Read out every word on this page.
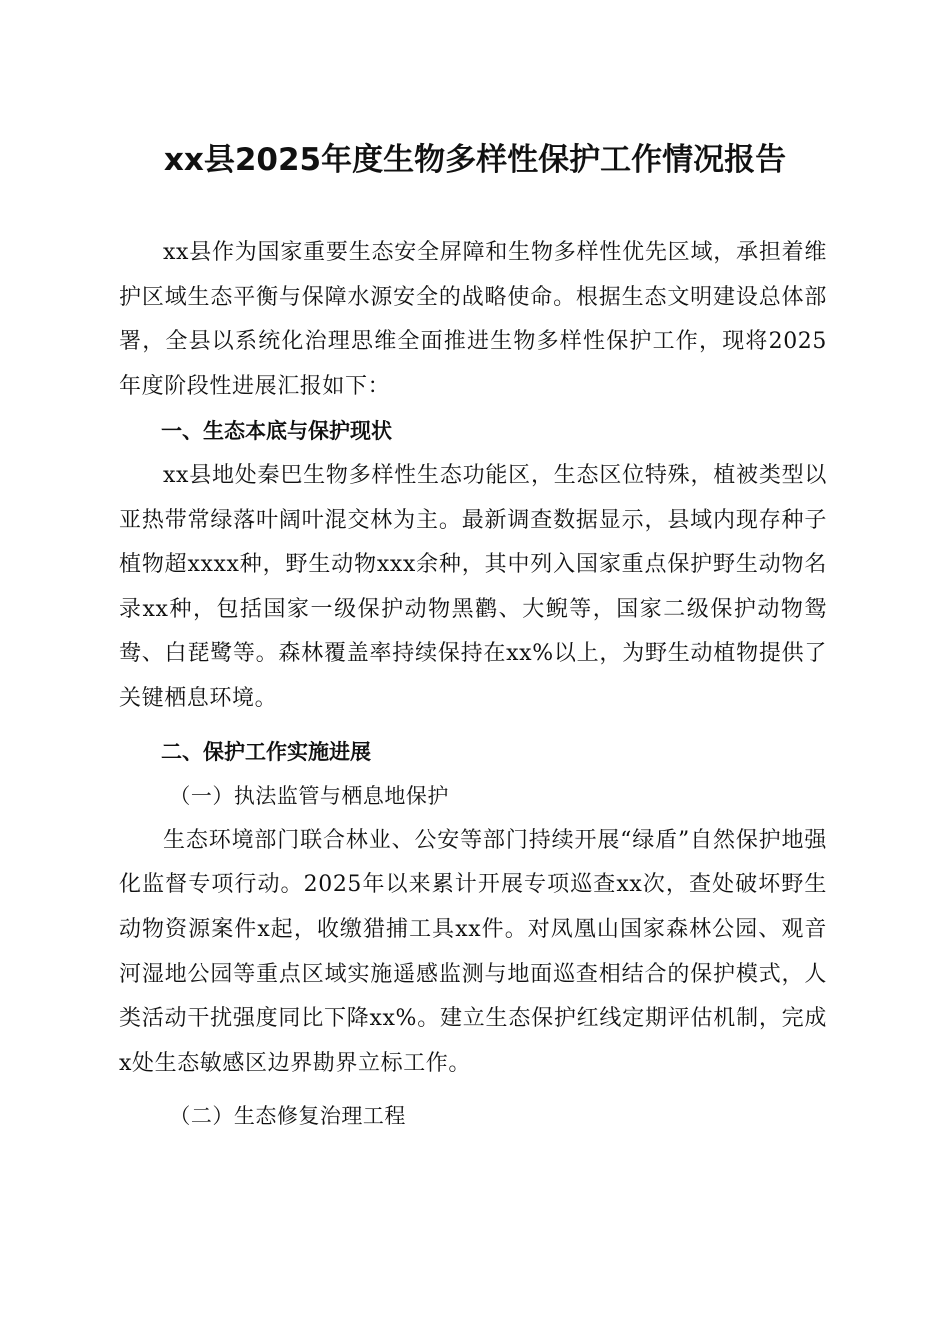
xx县2025年度生物多样性保护工作情况报告

xx县作为国家重要生态安全屏障和生物多样性优先区域，承担着维护区域生态平衡与保障水源安全的战略使命。根据生态文明建设总体部署，全县以系统化治理思维全面推进生物多样性保护工作，现将2025年度阶段性进展汇报如下：

一、生态本底与保护现状

xx县地处秦巴生物多样性生态功能区，生态区位特殊，植被类型以亚热带常绿落叶阔叶混交林为主。最新调查数据显示，县域内现存种子植物超xxxx种，野生动物xxx余种，其中列入国家重点保护野生动物名录xx种，包括国家一级保护动物黑鹳、大鲵等，国家二级保护动物鸳鸯、白琵鹭等。森林覆盖率持续保持在xx%以上，为野生动植物提供了关键栖息环境。

二、保护工作实施进展
（一）执法监管与栖息地保护

生态环境部门联合林业、公安等部门持续开展“绿盾”自然保护地强化监督专项行动。2025年以来累计开展专项巡查xx次，查处破坏野生动物资源案件x起，收缴猎捕工具xx件。对凤凰山国家森林公园、观音河湿地公园等重点区域实施遥感监测与地面巡查相结合的保护模式，人类活动干扰强度同比下降xx%。建立生态保护红线定期评估机制，完成x处生态敏感区边界勘界立标工作。

（二）生态修复治理工程
